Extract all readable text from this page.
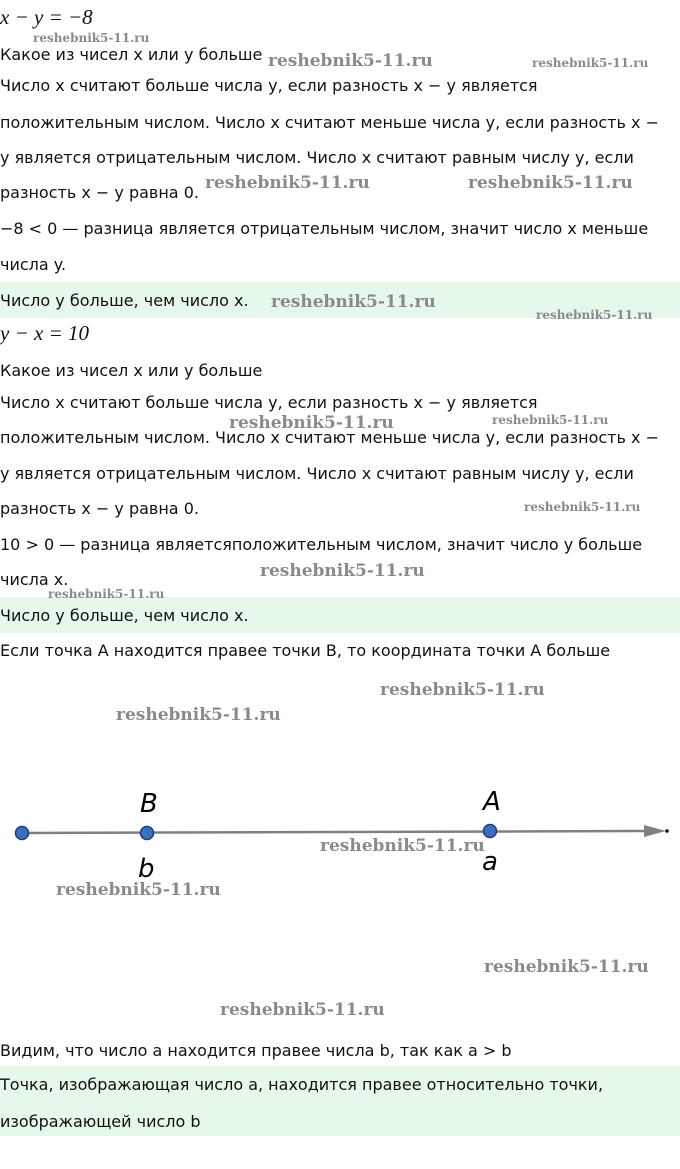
x − y = −8
Какое из чисел x или y больше
Число x считают больше числа y, если разность x − y является
положительным числом. Число x считают меньше числа y, если разность x −
y является отрицательным числом. Число x считают равным числу y, если
разность x − y равна 0.
−8 < 0 — разница является отрицательным числом, значит число x меньше
числа y.
Число y больше, чем число x.
y − x = 10
Какое из чисел x или y больше
Число x считают больше числа y, если разность x − y является
положительным числом. Число x считают меньше числа y, если разность x −
y является отрицательным числом. Число x считают равным числу y, если
разность x − y равна 0.
10 > 0 — разница являетсяположительным числом, значит число y больше
числа x.
Число y больше, чем число x.
Если точка A находится правее точки B, то координата точки A больше
B
b
A
a
Видим, что число a находится правее числа b, так как a > b
Точка, изображающая число a, находится правее относительно точки,
изображающей число b
reshebnik5-11.ru
reshebnik5-11.ru	reshebnik5-11.ru
reshebnik5-11.ru	reshebnik5-11.ru
reshebnik5-11.ru
reshebnik5-11.ru
reshebnik5-11.ru	reshebnik5-11.ru
reshebnik5-11.ru
reshebnik5-11.ru
reshebnik5-11.ru
reshebnik5-11.ru
reshebnik5-11.ru
reshebnik5-11.ru
reshebnik5-11.ru
reshebnik5-11.ru
reshebnik5-11.ru
